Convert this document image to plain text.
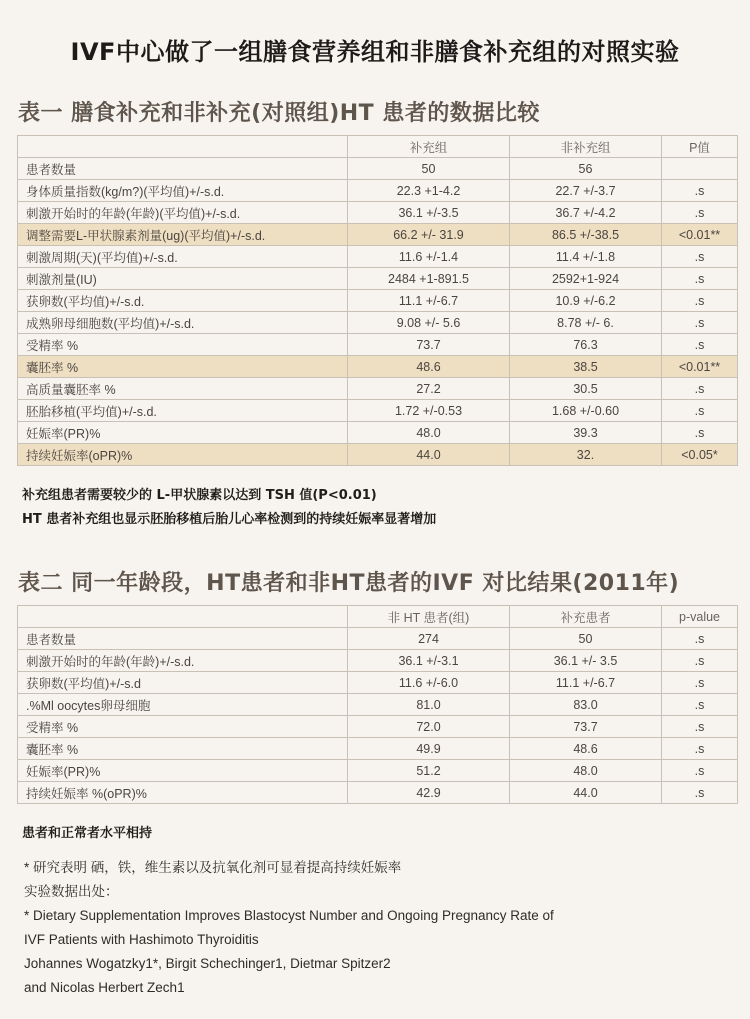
IVF中心做了一组膳食营养组和非膳食补充组的对照实验
表一 膳食补充和非补充(对照组)HT 患者的数据比较
	补充组	非补充组	P值
患者数量	50	56	
身体质量指数(kg/m?)(平均值)+/-s.d.	22.3 +1-4.2	22.7 +/-3.7	.s
刺激开始时的年龄(年龄)(平均值)+/-s.d.	36.1 +/-3.5	36.7 +/-4.2	.s
调整需要L-甲状腺素剂量(ug)(平均值)+/-s.d.	66.2 +/- 31.9	86.5 +/-38.5	<0.01**
刺激周期(天)(平均值)+/-s.d.	11.6 +/-1.4	11.4 +/-1.8	.s
刺激剂量(IU)	2484 +1-891.5	2592+1-924	.s
获卵数(平均值)+/-s.d.	11.1 +/-6.7	10.9 +/-6.2	.s
成熟卵母细胞数(平均值)+/-s.d.	9.08 +/- 5.6	8.78 +/- 6.	.s
受精率 %	73.7	76.3	.s
囊胚率 %	48.6	38.5	<0.01**
高质量囊胚率 %	27.2	30.5	.s
胚胎移植(平均值)+/-s.d.	1.72 +/-0.53	1.68 +/-0.60	.s
妊娠率(PR)%	48.0	39.3	.s
持续妊娠率(oPR)%	44.0	32.	<0.05*
补充组患者需要较少的 L-甲状腺素以达到 TSH 值(P<0.01)
HT 患者补充组也显示胚胎移植后胎儿心率检测到的持续妊娠率显著增加
表二 同一年龄段，HT患者和非HT患者的IVF 对比结果(2011年)
	非 HT 患者(组)	补充患者	p-value
患者数量	274	50	.s
刺激开始时的年龄(年龄)+/-s.d.	36.1 +/-3.1	36.1 +/- 3.5	.s
获卵数(平均值)+/-s.d	11.6 +/-6.0	11.1 +/-6.7	.s
.%Ml oocytes卵母细胞	81.0	83.0	.s
受精率 %	72.0	73.7	.s
囊胚率 %	49.9	48.6	.s
妊娠率(PR)%	51.2	48.0	.s
持续妊娠率 %(oPR)%	42.9	44.0	.s
患者和正常者水平相持
* 研究表明 硒，铁，维生素以及抗氧化剂可显着提高持续妊娠率
实验数据出处：
* Dietary Supplementation Improves Blastocyst Number and Ongoing Pregnancy Rate of
IVF Patients with Hashimoto Thyroiditis
Johannes Wogatzky1*, Birgit Schechinger1, Dietmar Spitzer2
and Nicolas Herbert Zech1
